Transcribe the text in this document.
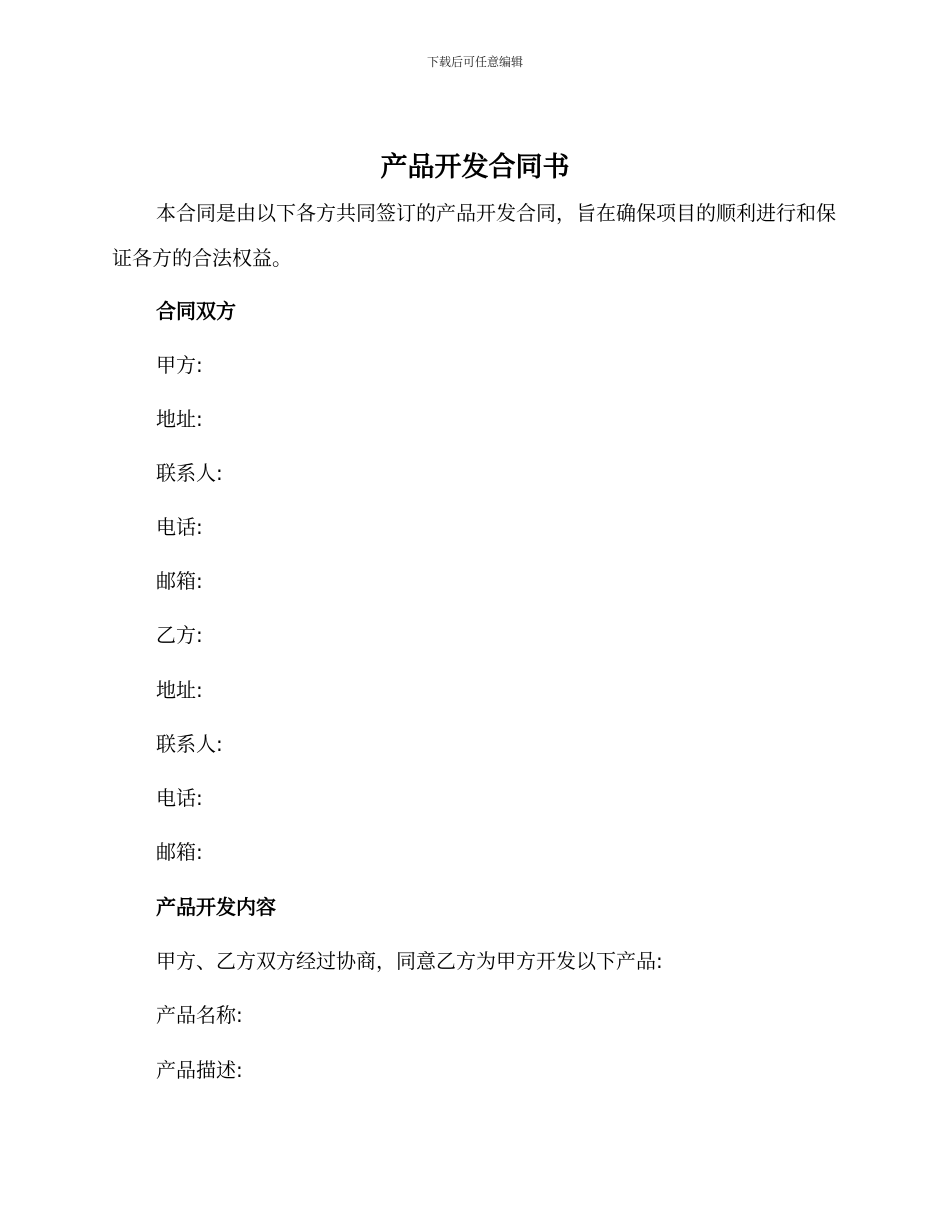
下载后可任意编辑
产品开发合同书

本合同是由以下各方共同签订的产品开发合同，旨在确保项目的顺利进行和保证各方的合法权益。

合同双方

甲方:

地址:

联系人:

电话:

邮箱:

乙方:

地址:

联系人:

电话:

邮箱:

产品开发内容

甲方、乙方双方经过协商，同意乙方为甲方开发以下产品:

产品名称:

产品描述:
